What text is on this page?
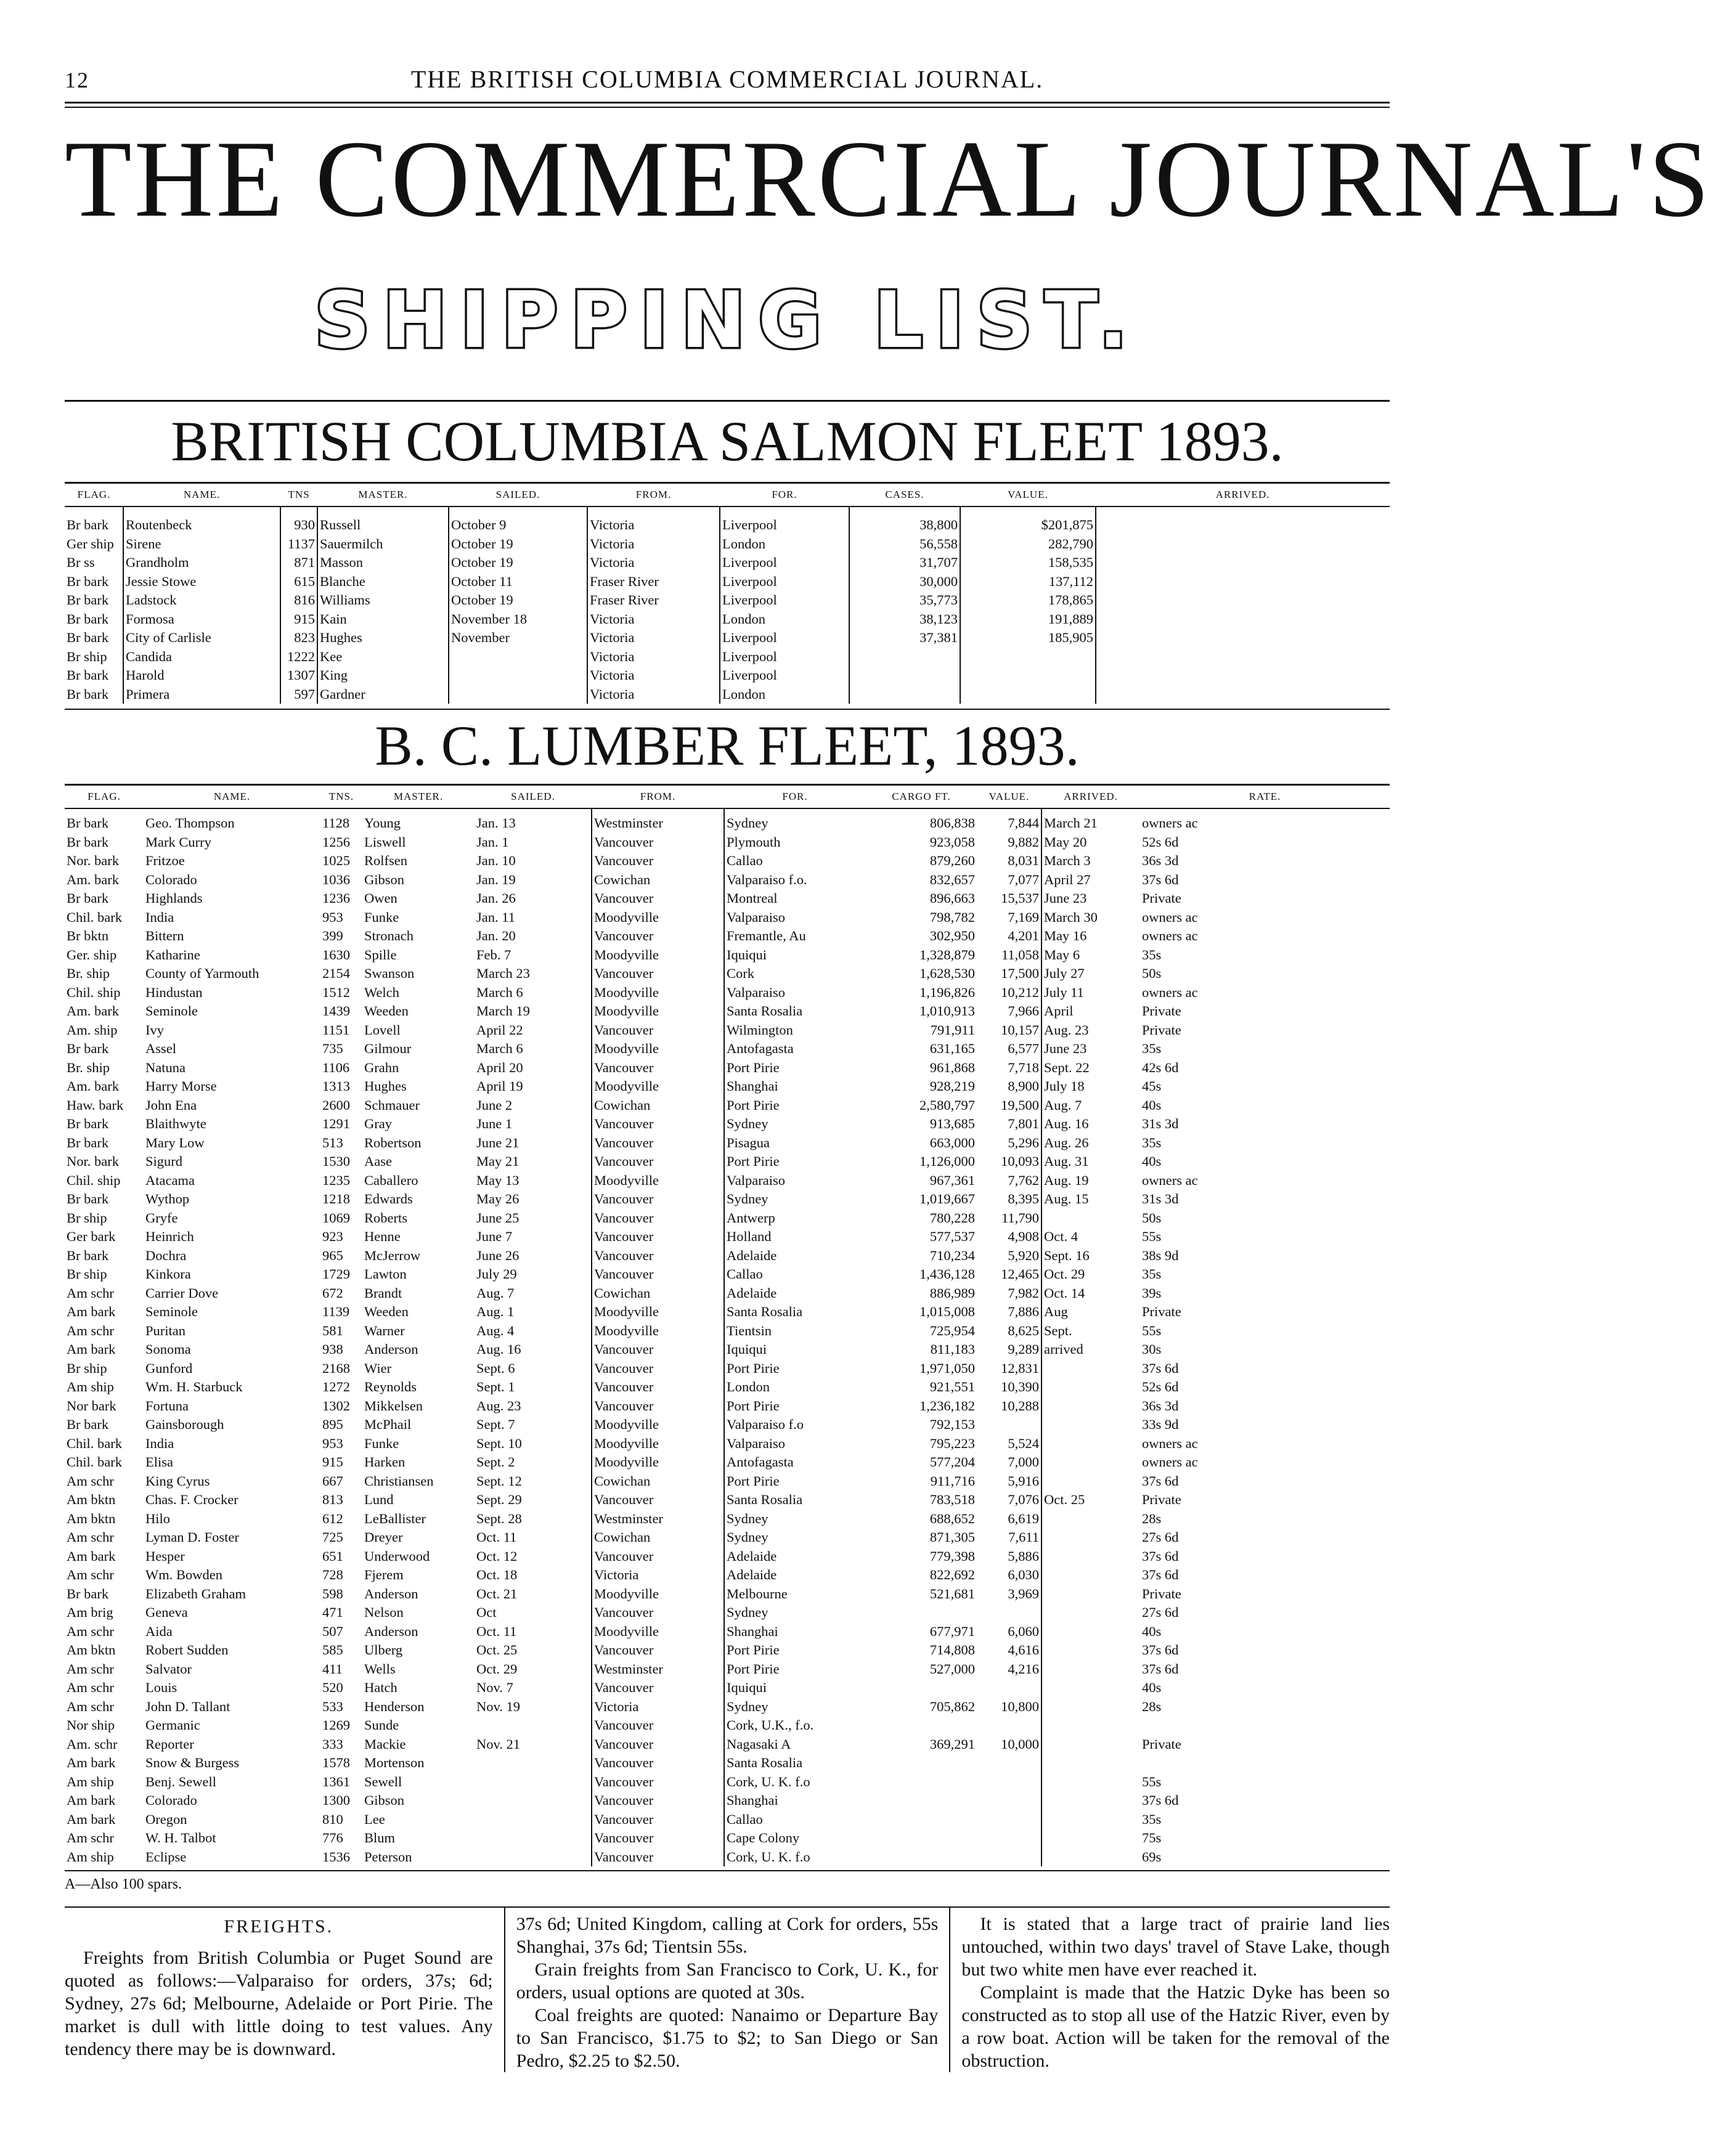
12	THE BRITISH COLUMBIA COMMERCIAL JOURNAL.
THE COMMERCIAL JOURNAL'S
SHIPPING LIST.
BRITISH COLUMBIA SALMON FLEET 1893.
FLAG.	NAME.	TNS	MASTER.	SAILED.	FROM.	FOR.	CASES.	VALUE.	ARRIVED.
Br bark	Routenbeck	930	Russell	October 9	Victoria	Liverpool	38,800	$201,875	
Ger ship	Sirene	1137	Sauermilch	October 19	Victoria	London	56,558	282,790	
Br ss	Grandholm	871	Masson	October 19	Victoria	Liverpool	31,707	158,535	
Br bark	Jessie Stowe	615	Blanche	October 11	Fraser River	Liverpool	30,000	137,112	
Br bark	Ladstock	816	Williams	October 19	Fraser River	Liverpool	35,773	178,865	
Br bark	Formosa	915	Kain	November 18	Victoria	London	38,123	191,889	
Br bark	City of Carlisle	823	Hughes	November	Victoria	Liverpool	37,381	185,905	
Br ship	Candida	1222	Kee		Victoria	Liverpool			
Br bark	Harold	1307	King		Victoria	Liverpool			
Br bark	Primera	597	Gardner		Victoria	London			
B. C. LUMBER FLEET, 1893.
FLAG.	NAME.	TNS.	MASTER.	SAILED.	FROM.	FOR.	CARGO FT.	VALUE.	ARRIVED.	RATE.
Br bark	Geo. Thompson	1128	Young	Jan. 13	Westminster	Sydney	806,838	7,844	March 21	owners ac
Br bark	Mark Curry	1256	Liswell	Jan. 1	Vancouver	Plymouth	923,058	9,882	May 20	52s 6d
Nor. bark	Fritzoe	1025	Rolfsen	Jan. 10	Vancouver	Callao	879,260	8,031	March 3	36s 3d
Am. bark	Colorado	1036	Gibson	Jan. 19	Cowichan	Valparaiso f.o.	832,657	7,077	April 27	37s 6d
Br bark	Highlands	1236	Owen	Jan. 26	Vancouver	Montreal	896,663	15,537	June 23	Private
Chil. bark	India	953	Funke	Jan. 11	Moodyville	Valparaiso	798,782	7,169	March 30	owners ac
Br bktn	Bittern	399	Stronach	Jan. 20	Vancouver	Fremantle, Au	302,950	4,201	May 16	owners ac
Ger. ship	Katharine	1630	Spille	Feb. 7	Moodyville	Iquiqui	1,328,879	11,058	May 6	35s
Br. ship	County of Yarmouth	2154	Swanson	March 23	Vancouver	Cork	1,628,530	17,500	July 27	50s
Chil. ship	Hindustan	1512	Welch	March 6	Moodyville	Valparaiso	1,196,826	10,212	July 11	owners ac
Am. bark	Seminole	1439	Weeden	March 19	Moodyville	Santa Rosalia	1,010,913	7,966	April	Private
Am. ship	Ivy	1151	Lovell	April 22	Vancouver	Wilmington	791,911	10,157	Aug. 23	Private
Br bark	Assel	735	Gilmour	March 6	Moodyville	Antofagasta	631,165	6,577	June 23	35s
Br. ship	Natuna	1106	Grahn	April 20	Vancouver	Port Pirie	961,868	7,718	Sept. 22	42s 6d
Am. bark	Harry Morse	1313	Hughes	April 19	Moodyville	Shanghai	928,219	8,900	July 18	45s
Haw. bark	John Ena	2600	Schmauer	June 2	Cowichan	Port Pirie	2,580,797	19,500	Aug. 7	40s
Br bark	Blaithwyte	1291	Gray	June 1	Vancouver	Sydney	913,685	7,801	Aug. 16	31s 3d
Br bark	Mary Low	513	Robertson	June 21	Vancouver	Pisagua	663,000	5,296	Aug. 26	35s
Nor. bark	Sigurd	1530	Aase	May 21	Vancouver	Port Pirie	1,126,000	10,093	Aug. 31	40s
Chil. ship	Atacama	1235	Caballero	May 13	Moodyville	Valparaiso	967,361	7,762	Aug. 19	owners ac
Br bark	Wythop	1218	Edwards	May 26	Vancouver	Sydney	1,019,667	8,395	Aug. 15	31s 3d
Br ship	Gryfe	1069	Roberts	June 25	Vancouver	Antwerp	780,228	11,790		50s
Ger bark	Heinrich	923	Henne	June 7	Vancouver	Holland	577,537	4,908	Oct. 4	55s
Br bark	Dochra	965	McJerrow	June 26	Vancouver	Adelaide	710,234	5,920	Sept. 16	38s 9d
Br ship	Kinkora	1729	Lawton	July 29	Vancouver	Callao	1,436,128	12,465	Oct. 29	35s
Am schr	Carrier Dove	672	Brandt	Aug. 7	Cowichan	Adelaide	886,989	7,982	Oct. 14	39s
Am bark	Seminole	1139	Weeden	Aug. 1	Moodyville	Santa Rosalia	1,015,008	7,886	Aug	Private
Am schr	Puritan	581	Warner	Aug. 4	Moodyville	Tientsin	725,954	8,625	Sept.	55s
Am bark	Sonoma	938	Anderson	Aug. 16	Vancouver	Iquiqui	811,183	9,289	arrived	30s
Br ship	Gunford	2168	Wier	Sept. 6	Vancouver	Port Pirie	1,971,050	12,831		37s 6d
Am ship	Wm. H. Starbuck	1272	Reynolds	Sept. 1	Vancouver	London	921,551	10,390		52s 6d
Nor bark	Fortuna	1302	Mikkelsen	Aug. 23	Vancouver	Port Pirie	1,236,182	10,288		36s 3d
Br bark	Gainsborough	895	McPhail	Sept. 7	Moodyville	Valparaiso f.o	792,153			33s 9d
Chil. bark	India	953	Funke	Sept. 10	Moodyville	Valparaiso	795,223	5,524		owners ac
Chil. bark	Elisa	915	Harken	Sept. 2	Moodyville	Antofagasta	577,204	7,000		owners ac
Am schr	King Cyrus	667	Christiansen	Sept. 12	Cowichan	Port Pirie	911,716	5,916		37s 6d
Am bktn	Chas. F. Crocker	813	Lund	Sept. 29	Vancouver	Santa Rosalia	783,518	7,076	Oct. 25	Private
Am bktn	Hilo	612	LeBallister	Sept. 28	Westminster	Sydney	688,652	6,619		28s
Am schr	Lyman D. Foster	725	Dreyer	Oct. 11	Cowichan	Sydney	871,305	7,611		27s 6d
Am bark	Hesper	651	Underwood	Oct. 12	Vancouver	Adelaide	779,398	5,886		37s 6d
Am schr	Wm. Bowden	728	Fjerem	Oct. 18	Victoria	Adelaide	822,692	6,030		37s 6d
Br bark	Elizabeth Graham	598	Anderson	Oct. 21	Moodyville	Melbourne	521,681	3,969		Private
Am brig	Geneva	471	Nelson	Oct	Vancouver	Sydney				27s 6d
Am schr	Aida	507	Anderson	Oct. 11	Moodyville	Shanghai	677,971	6,060		40s
Am bktn	Robert Sudden	585	Ulberg	Oct. 25	Vancouver	Port Pirie	714,808	4,616		37s 6d
Am schr	Salvator	411	Wells	Oct. 29	Westminster	Port Pirie	527,000	4,216		37s 6d
Am schr	Louis	520	Hatch	Nov. 7	Vancouver	Iquiqui				40s
Am schr	John D. Tallant	533	Henderson	Nov. 19	Victoria	Sydney	705,862	10,800		28s
Nor ship	Germanic	1269	Sunde		Vancouver	Cork, U.K., f.o.				
Am. schr	Reporter	333	Mackie	Nov. 21	Vancouver	Nagasaki A	369,291	10,000		Private
Am bark	Snow & Burgess	1578	Mortenson		Vancouver	Santa Rosalia				
Am ship	Benj. Sewell	1361	Sewell		Vancouver	Cork, U. K. f.o				55s
Am bark	Colorado	1300	Gibson		Vancouver	Shanghai				37s 6d
Am bark	Oregon	810	Lee		Vancouver	Callao				35s
Am schr	W. H. Talbot	776	Blum		Vancouver	Cape Colony				75s
Am ship	Eclipse	1536	Peterson		Vancouver	Cork, U. K. f.o				69s
A—Also 100 spars.
FREIGHTS.

Freights from British Columbia or Puget Sound are quoted as follows:—Valparaiso for orders, 37s; 6d; Sydney, 27s 6d; Melbourne, Adelaide or Port Pirie. The market is dull with little doing to test values. Any tendency there may be is downward.

37s 6d; United Kingdom, calling at Cork for orders, 55s Shanghai, 37s 6d; Tientsin 55s.

Grain freights from San Francisco to Cork, U. K., for orders, usual options are quoted at 30s.

Coal freights are quoted: Nanaimo or Departure Bay to San Francisco, $1.75 to $2; to San Diego or San Pedro, $2.25 to $2.50.

It is stated that a large tract of prairie land lies untouched, within two days' travel of Stave Lake, though but two white men have ever reached it.

Complaint is made that the Hatzic Dyke has been so constructed as to stop all use of the Hatzic River, even by a row boat. Action will be taken for the removal of the obstruction.
